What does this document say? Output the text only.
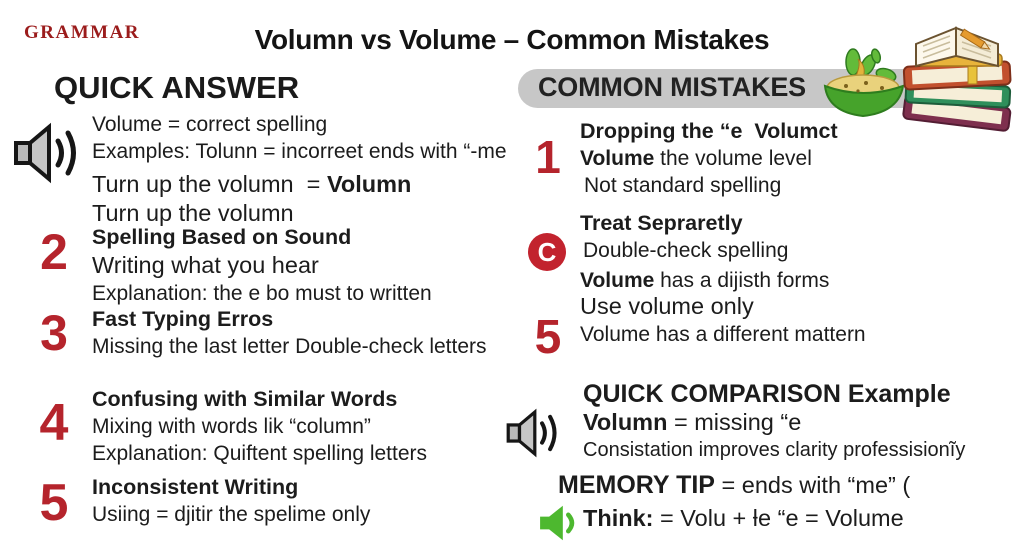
GRAMMAR	Volumn vs Volume – Common Mistakes
COMMON MISTAKES
QUICK ANSWER
Volume = correct spelling
Examples: Tolunn = incorreet ends with “-me
Turn up the volumn  = Volumn
Turn up the volumn
2	Spelling Based on Sound
Writing what you hear
Explanation: the e bo must to written
3	Fast Typing Erros
Missing the last letter Double-check letters
4	Confusing with Similar Words
Mixing with words lik “column”
Explanation: Quiftent spelling letters
5	Inconsistent Writing
Usiing = djitir the spelime only
1 Dropping the “e  Volumct
Volume the volume level
Not standard spelling
C
Treat Sepraretly
Double-check spelling
Volume has a dijisth forms
5
Use volume only
Volume has a different mattern
QUICK COMPARISON Example
Volumn = missing “e
Consistation improves clarity professisionĩy
MEMORY TIP = ends with “me” (
Think: = Volu + ƚe “e = Volume
